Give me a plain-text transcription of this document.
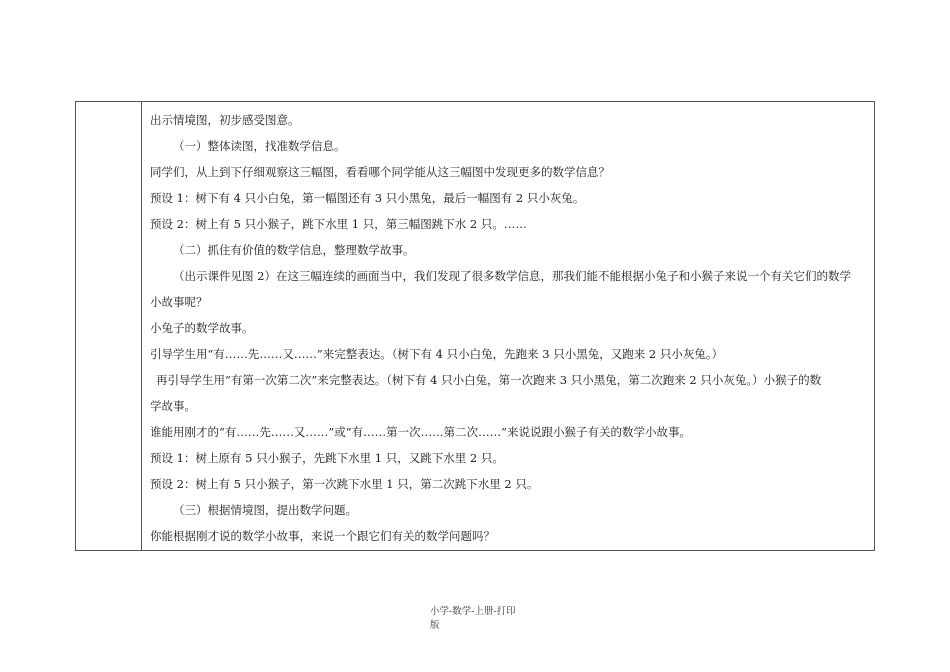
出示情境图，初步感受图意。
（一）整体读图，找准数学信息。
同学们，从上到下仔细观察这三幅图，看看哪个同学能从这三幅图中发现更多的数学信息？
预设 1：树下有 4 只小白兔，第一幅图还有 3 只小黑兔，最后一幅图有 2 只小灰兔。
预设 2：树上有 5 只小猴子，跳下水里 1 只，第三幅图跳下水 2 只。……
（二）抓住有价值的数学信息，整理数学故事。
（出示课件见图 2）在这三幅连续的画面当中，我们发现了很多数学信息，那我们能不能根据小兔子和小猴子来说一个有关它们的数学
小故事呢？
小兔子的数学故事。
引导学生用“有……先……又……”来完整表达。（树下有 4 只小白兔，先跑来 3 只小黑兔，又跑来 2 只小灰兔。）
再引导学生用“有第一次第二次”来完整表达。（树下有 4 只小白兔，第一次跑来 3 只小黑兔，第二次跑来 2 只小灰兔。）小猴子的数
学故事。
谁能用刚才的“有……先……又……”或“有……第一次……第二次……”来说说跟小猴子有关的数学小故事。
预设 1：树上原有 5 只小猴子，先跳下水里 1 只，又跳下水里 2 只。
预设 2：树上有 5 只小猴子，第一次跳下水里 1 只，第二次跳下水里 2 只。
（三）根据情境图，提出数学问题。
你能根据刚才说的数学小故事，来说一个跟它们有关的数学问题吗？
小学-数学-上册-打印
版
